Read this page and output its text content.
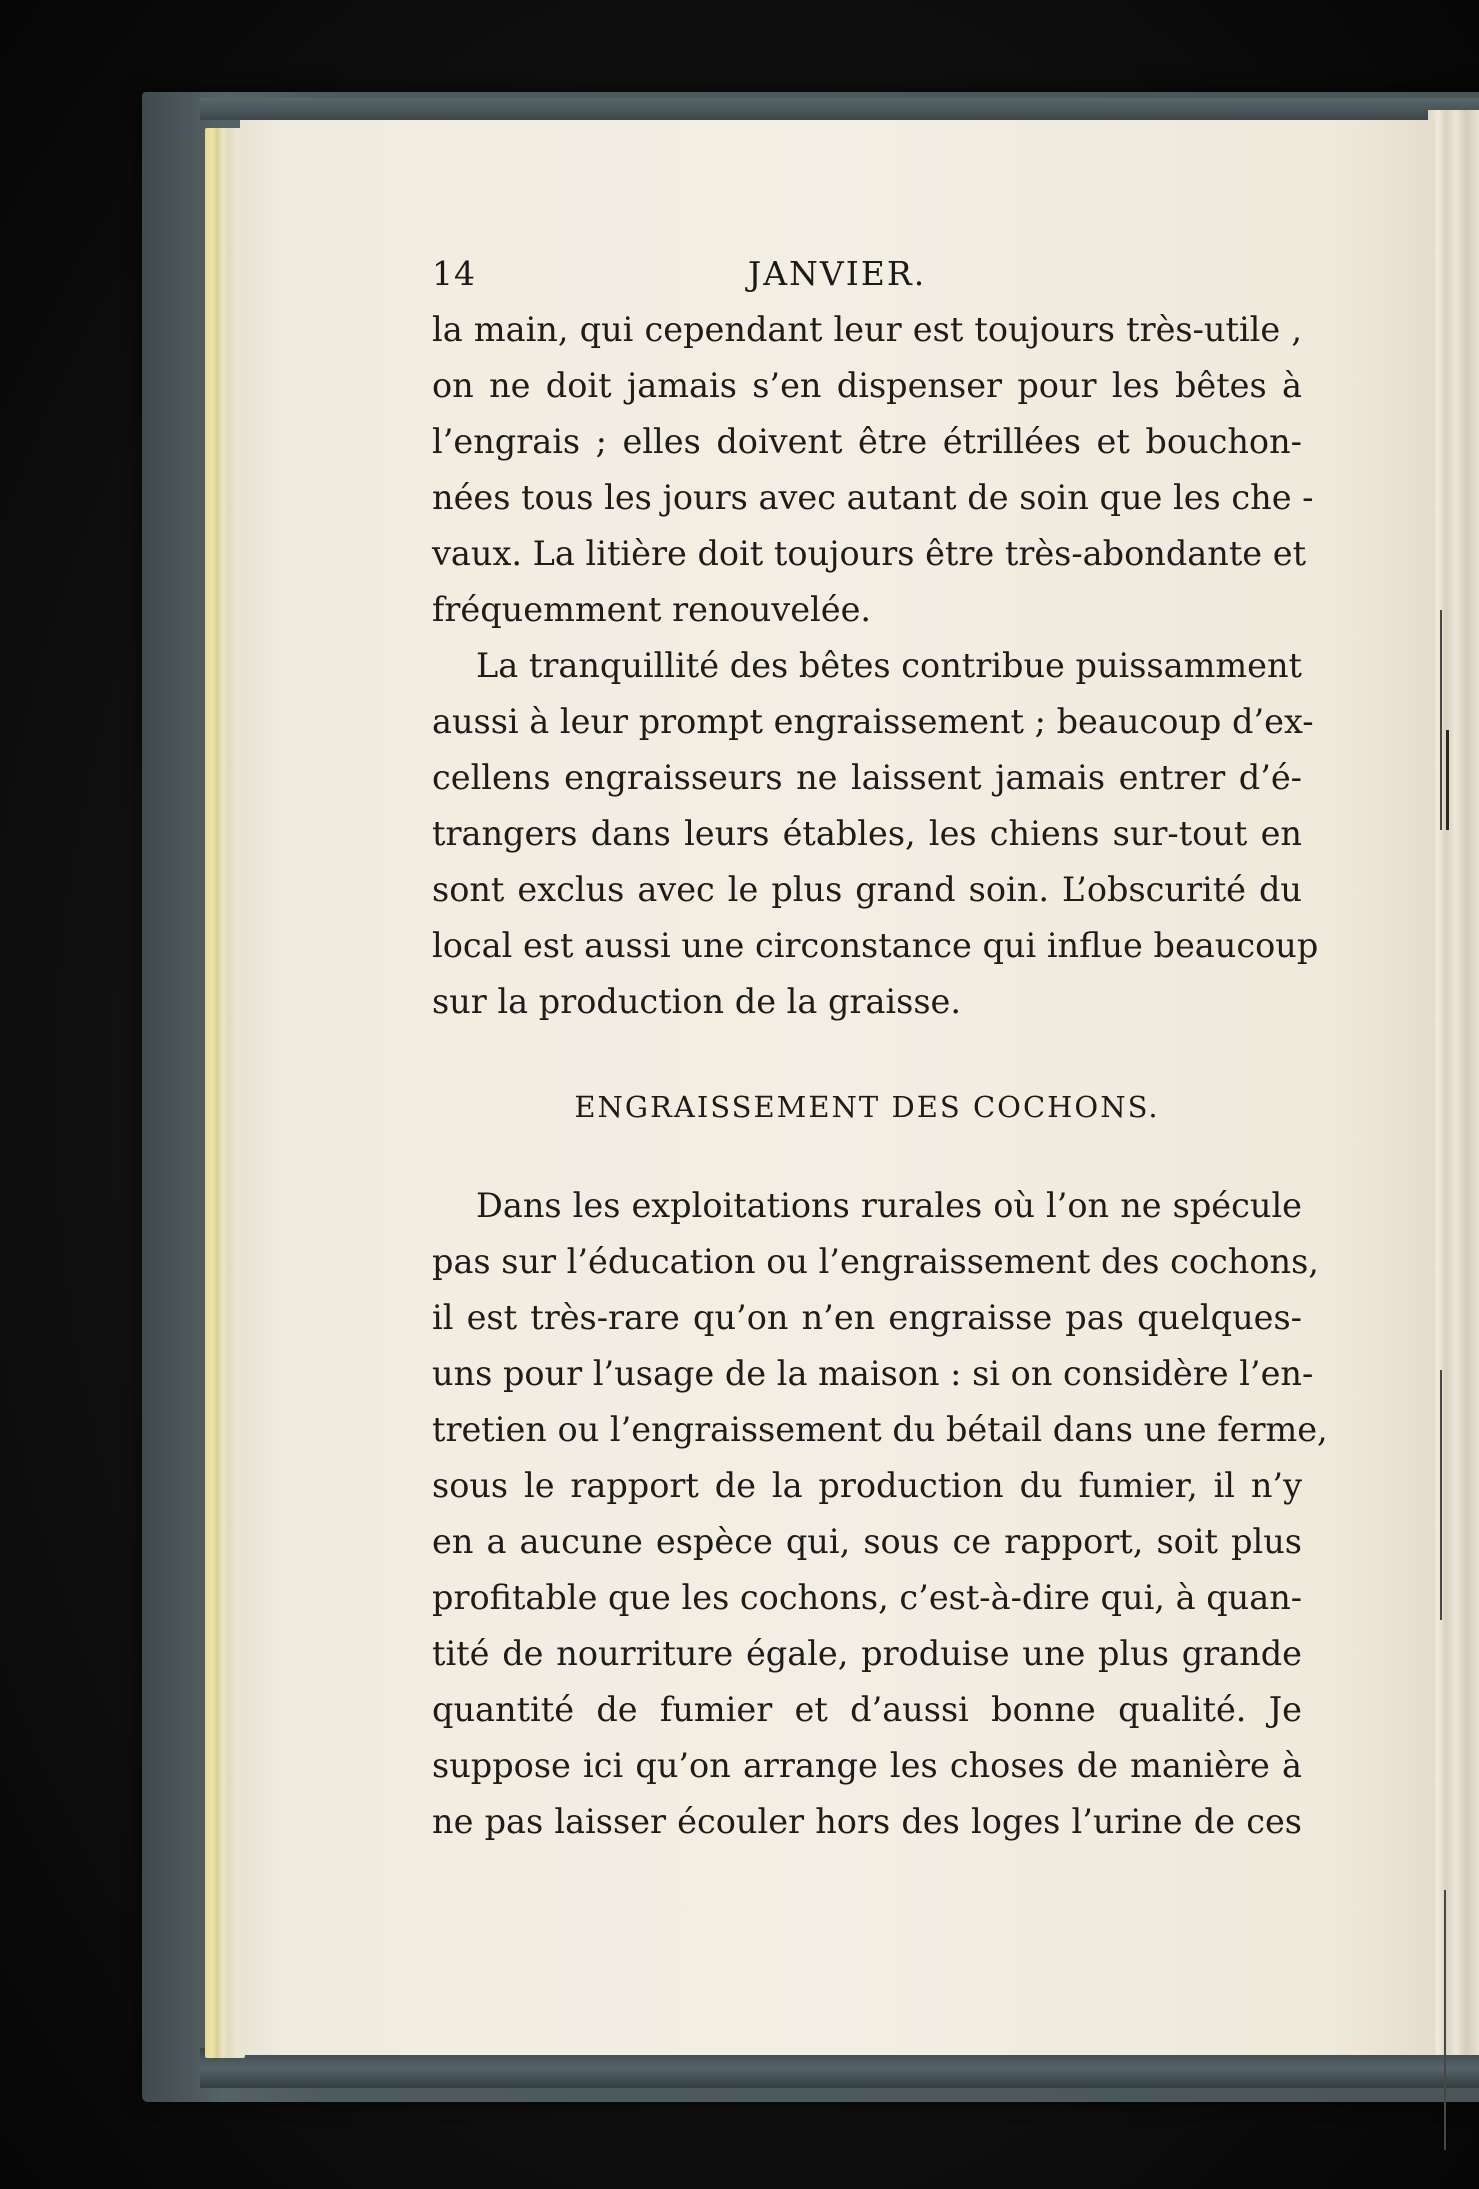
14	JANVIER.
la main, qui cependant leur est toujours très-utile ,
on ne doit jamais s’en dispenser pour les bêtes à
l’engrais ; elles doivent être étrillées et bouchon-
nées tous les jours avec autant de soin que les che -
vaux. La litière doit toujours être très-abondante et
fréquemment renouvelée.
La tranquillité des bêtes contribue puissamment
aussi à leur prompt engraissement ; beaucoup d’ex-
cellens engraisseurs ne laissent jamais entrer d’é-
trangers dans leurs étables, les chiens sur-tout en
sont exclus avec le plus grand soin. L’obscurité du
local est aussi une circonstance qui influe beaucoup
sur la production de la graisse.
ENGRAISSEMENT DES COCHONS.
Dans les exploitations rurales où l’on ne spécule
pas sur l’éducation ou l’engraissement des cochons,
il est très-rare qu’on n’en engraisse pas quelques-
uns pour l’usage de la maison : si on considère l’en-
tretien ou l’engraissement du bétail dans une ferme,
sous le rapport de la production du fumier, il n’y
en a aucune espèce qui, sous ce rapport, soit plus
profitable que les cochons, c’est-à-dire qui, à quan-
tité de nourriture égale, produise une plus grande
quantité de fumier et d’aussi bonne qualité. Je
suppose ici qu’on arrange les choses de manière à
ne pas laisser écouler hors des loges l’urine de ces
